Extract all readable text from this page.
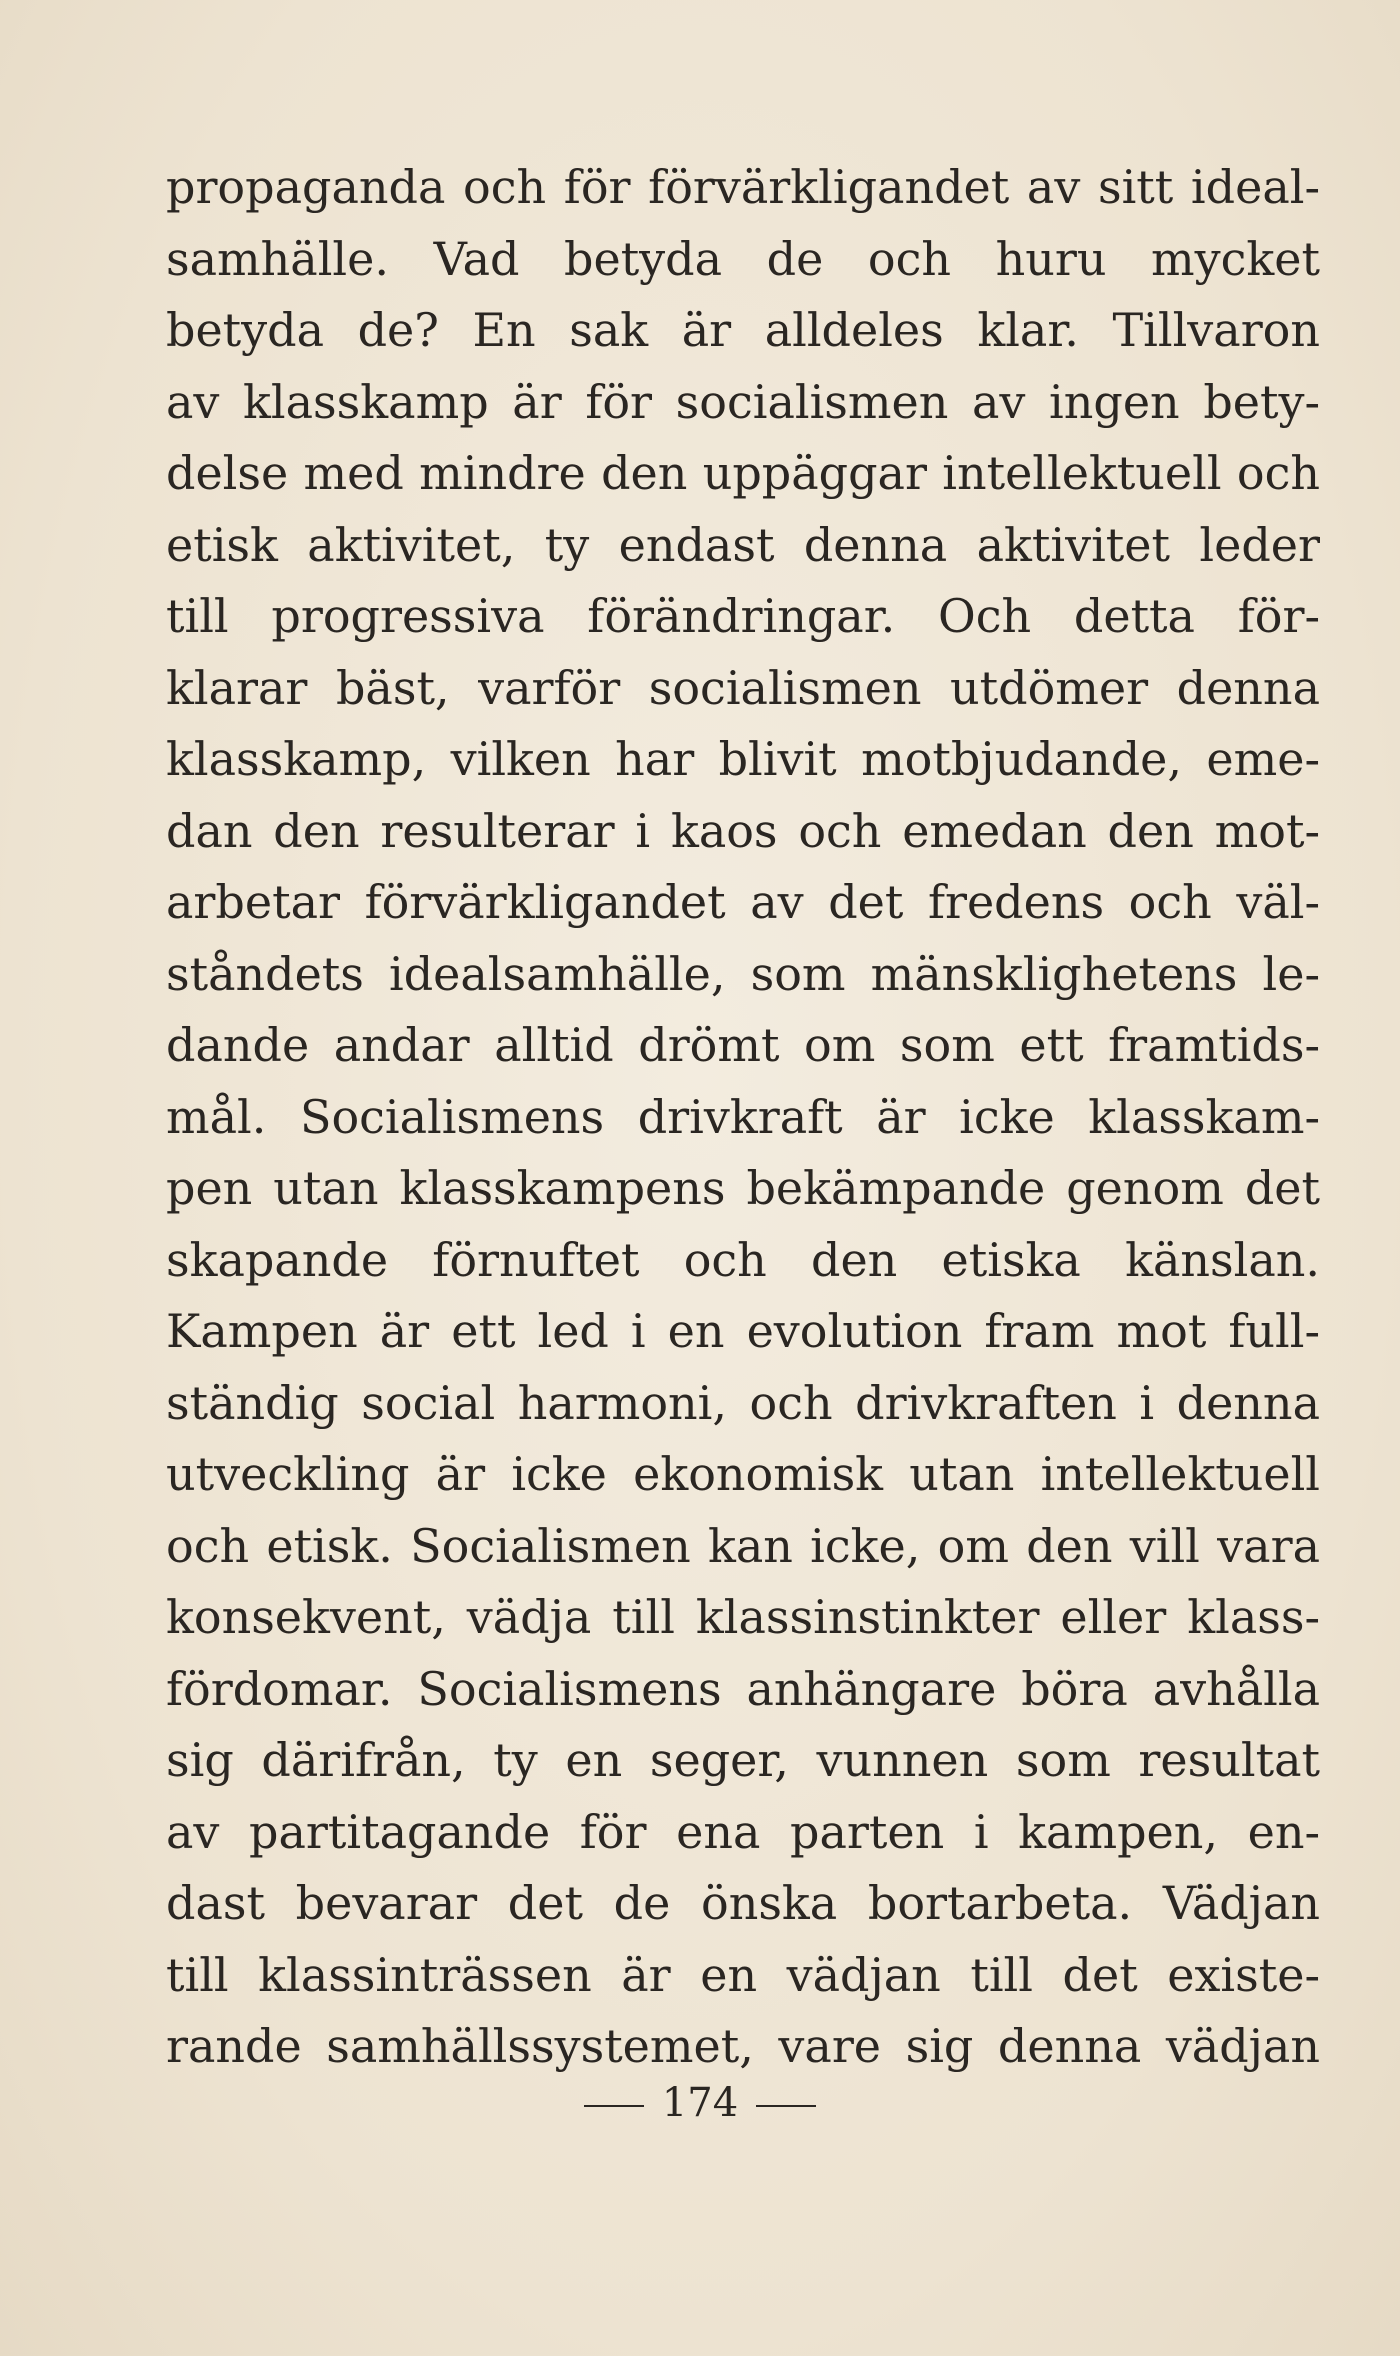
propaganda och för förvärkligandet av sitt ideal-
samhälle. Vad betyda de och huru mycket
betyda de? En sak är alldeles klar. Tillvaron
av klasskamp är för socialismen av ingen bety-
delse med mindre den uppäggar intellektuell och
etisk aktivitet, ty endast denna aktivitet leder
till progressiva förändringar. Och detta för-
klarar bäst, varför socialismen utdömer denna
klasskamp, vilken har blivit motbjudande, eme-
dan den resulterar i kaos och emedan den mot-
arbetar förvärkligandet av det fredens och väl-
ståndets idealsamhälle, som mänsklighetens le-
dande andar alltid drömt om som ett framtids-
mål. Socialismens drivkraft är icke klasskam-
pen utan klasskampens bekämpande genom det
skapande förnuftet och den etiska känslan.
Kampen är ett led i en evolution fram mot full-
ständig social harmoni, och drivkraften i denna
utveckling är icke ekonomisk utan intellektuell
och etisk. Socialismen kan icke, om den vill vara
konsekvent, vädja till klassinstinkter eller klass-
fördomar. Socialismens anhängare böra avhålla
sig därifrån, ty en seger, vunnen som resultat
av partitagande för ena parten i kampen, en-
dast bevarar det de önska bortarbeta. Vädjan
till klassinträssen är en vädjan till det existe-
rande samhällssystemet, vare sig denna vädjan
174
